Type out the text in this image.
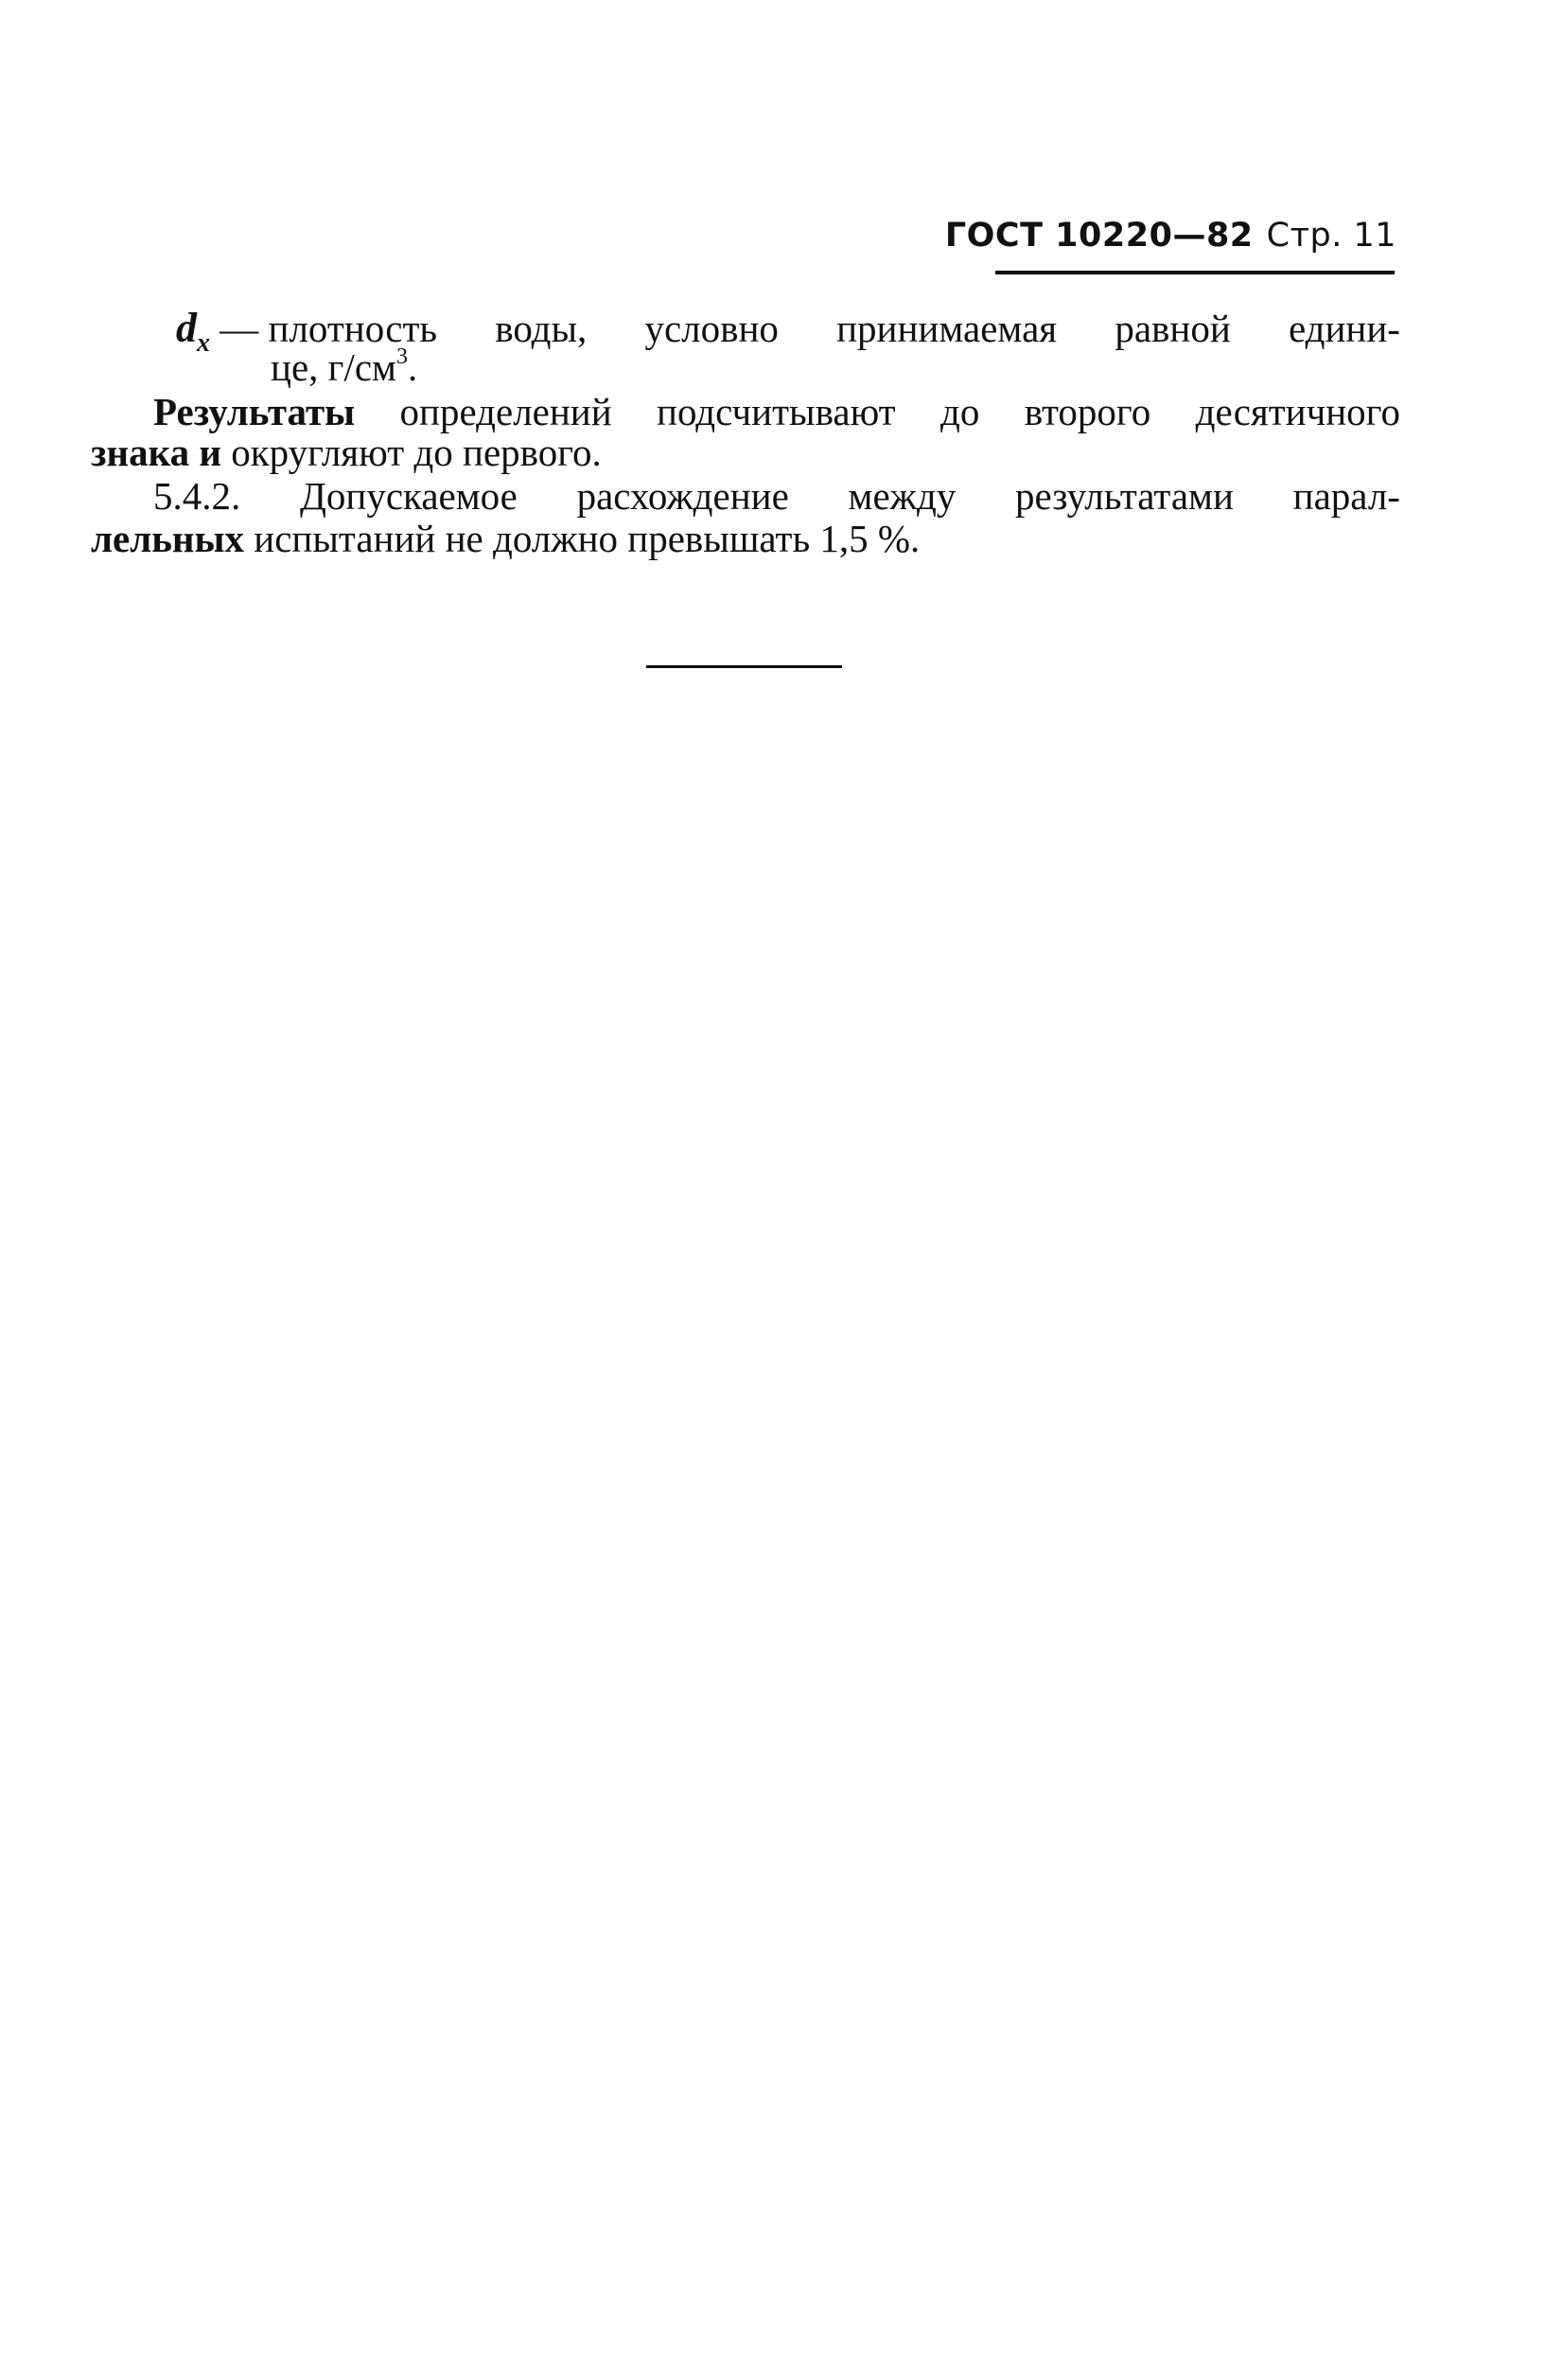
ГОСТ 10220—82 Стр. 11
$d_x$ — плотность воды, условно принимаемая равной едини-
це, $г/см^3$.
Результаты определений подсчитывают до второго десятичного
знака и округляют до первого.
5.4.2. Допускаемое расхождение между результатами парал-
лельных испытаний не должно превышать 1,5 %.
